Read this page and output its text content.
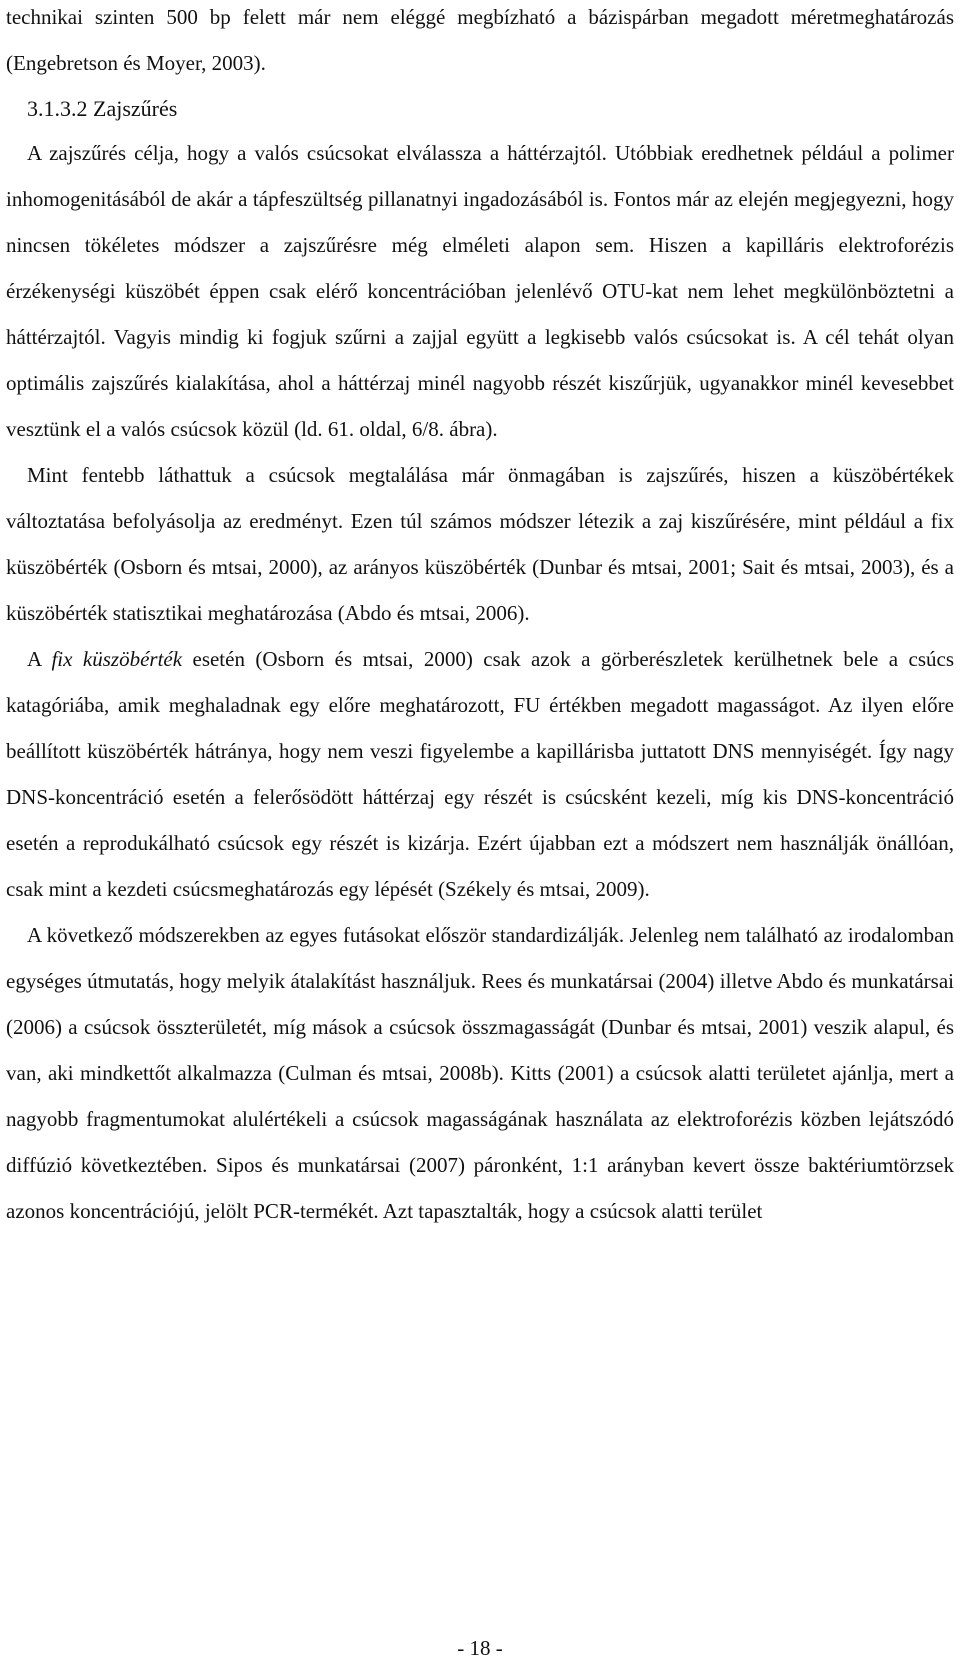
technikai szinten 500 bp felett már nem eléggé megbízható a bázispárban megadott méretmeghatározás (Engebretson és Moyer, 2003).

3.1.3.2 Zajszűrés

A zajszűrés célja, hogy a valós csúcsokat elválassza a háttérzajtól. Utóbbiak eredhetnek például a polimer inhomogenitásából de akár a tápfeszültség pillanatnyi ingadozásából is. Fontos már az elején megjegyezni, hogy nincsen tökéletes módszer a zajszűrésre még elméleti alapon sem. Hiszen a kapilláris elektroforézis érzékenységi küszöbét éppen csak elérő koncentrációban jelenlévő OTU-kat nem lehet megkülönböztetni a háttérzajtól. Vagyis mindig ki fogjuk szűrni a zajjal együtt a legkisebb valós csúcsokat is. A cél tehát olyan optimális zajszűrés kialakítása, ahol a háttérzaj minél nagyobb részét kiszűrjük, ugyanakkor minél kevesebbet vesztünk el a valós csúcsok közül (ld. 61. oldal, 6/8. ábra).

Mint fentebb láthattuk a csúcsok megtalálása már önmagában is zajszűrés, hiszen a küszöbértékek változtatása befolyásolja az eredményt. Ezen túl számos módszer létezik a zaj kiszűrésére, mint például a fix küszöbérték (Osborn és mtsai, 2000), az arányos küszöbérték (Dunbar és mtsai, 2001; Sait és mtsai, 2003), és a küszöbérték statisztikai meghatározása (Abdo és mtsai, 2006).

A fix küszöbérték esetén (Osborn és mtsai, 2000) csak azok a görberészletek kerülhetnek bele a csúcs katagóriába, amik meghaladnak egy előre meghatározott, FU értékben megadott magasságot. Az ilyen előre beállított küszöbérték hátránya, hogy nem veszi figyelembe a kapillárisba juttatott DNS mennyiségét. Így nagy DNS-koncentráció esetén a felerősödött háttérzaj egy részét is csúcsként kezeli, míg kis DNS-koncentráció esetén a reprodukálható csúcsok egy részét is kizárja. Ezért újabban ezt a módszert nem használják önállóan, csak mint a kezdeti csúcsmeghatározás egy lépését (Székely és mtsai, 2009).

A következő módszerekben az egyes futásokat először standardizálják. Jelenleg nem található az irodalomban egységes útmutatás, hogy melyik átalakítást használjuk. Rees és munkatársai (2004) illetve Abdo és munkatársai (2006) a csúcsok összterületét, míg mások a csúcsok összmagasságát (Dunbar és mtsai, 2001) veszik alapul, és van, aki mindkettőt alkalmazza (Culman és mtsai, 2008b). Kitts (2001) a csúcsok alatti területet ajánlja, mert a nagyobb fragmentumokat alulértékeli a csúcsok magasságának használata az elektroforézis közben lejátszódó diffúzió következtében. Sipos és munkatársai (2007) páronként, 1:1 arányban kevert össze baktériumtörzsek azonos koncentrációjú, jelölt PCR-termékét. Azt tapasztalták, hogy a csúcsok alatti terület

- 18 -
